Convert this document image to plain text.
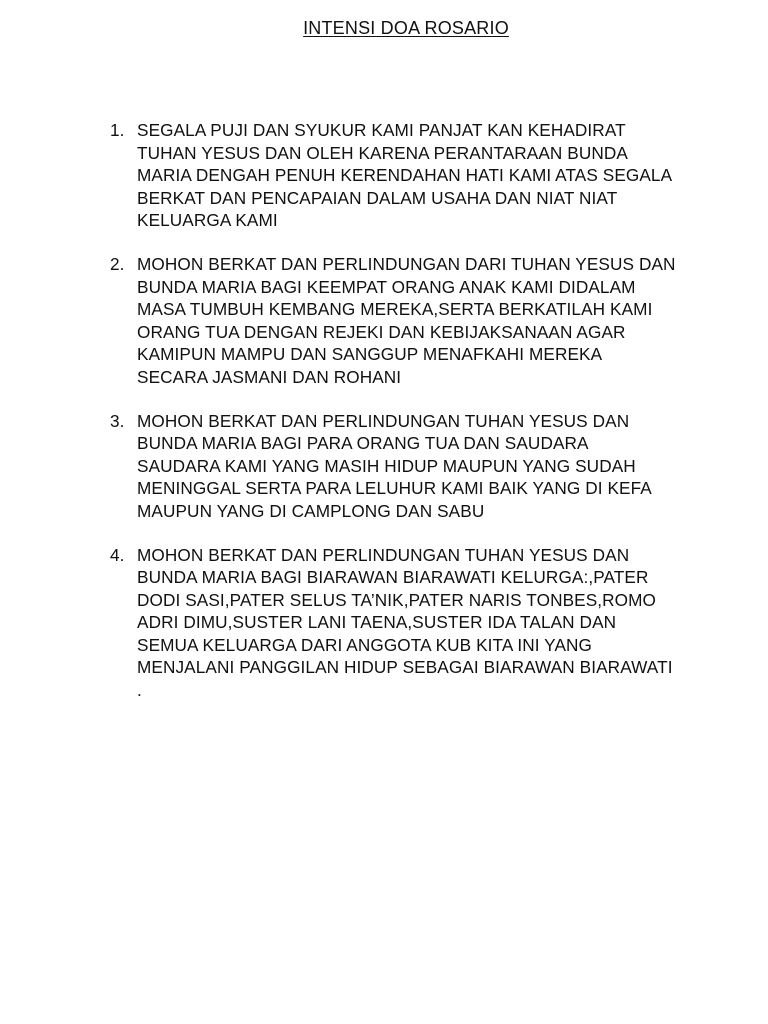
INTENSI DOA ROSARIO
1. SEGALA PUJI DAN SYUKUR KAMI PANJAT KAN KEHADIRAT
TUHAN YESUS DAN OLEH KARENA PERANTARAAN BUNDA
MARIA DENGAH PENUH KERENDAHAN HATI KAMI ATAS SEGALA
BERKAT DAN PENCAPAIAN DALAM USAHA DAN NIAT NIAT
KELUARGA KAMI
2. MOHON BERKAT DAN PERLINDUNGAN DARI TUHAN YESUS DAN
BUNDA MARIA BAGI KEEMPAT ORANG ANAK KAMI DIDALAM
MASA TUMBUH KEMBANG MEREKA,SERTA BERKATILAH KAMI
ORANG TUA DENGAN REJEKI DAN KEBIJAKSANAAN AGAR
KAMIPUN MAMPU DAN SANGGUP MENAFKAHI MEREKA
SECARA JASMANI DAN ROHANI
3. MOHON BERKAT DAN PERLINDUNGAN TUHAN YESUS DAN
BUNDA MARIA BAGI PARA ORANG TUA DAN SAUDARA
SAUDARA KAMI YANG MASIH HIDUP MAUPUN YANG SUDAH
MENINGGAL SERTA PARA LELUHUR KAMI BAIK YANG DI KEFA
MAUPUN YANG DI CAMPLONG DAN SABU
4. MOHON BERKAT DAN PERLINDUNGAN TUHAN YESUS DAN
BUNDA MARIA BAGI BIARAWAN BIARAWATI KELURGA:,PATER
DODI SASI,PATER SELUS TA’NIK,PATER NARIS TONBES,ROMO
ADRI DIMU,SUSTER LANI TAENA,SUSTER IDA TALAN DAN
SEMUA KELUARGA DARI ANGGOTA KUB KITA INI YANG
MENJALANI PANGGILAN HIDUP SEBAGAI BIARAWAN BIARAWATI
.
